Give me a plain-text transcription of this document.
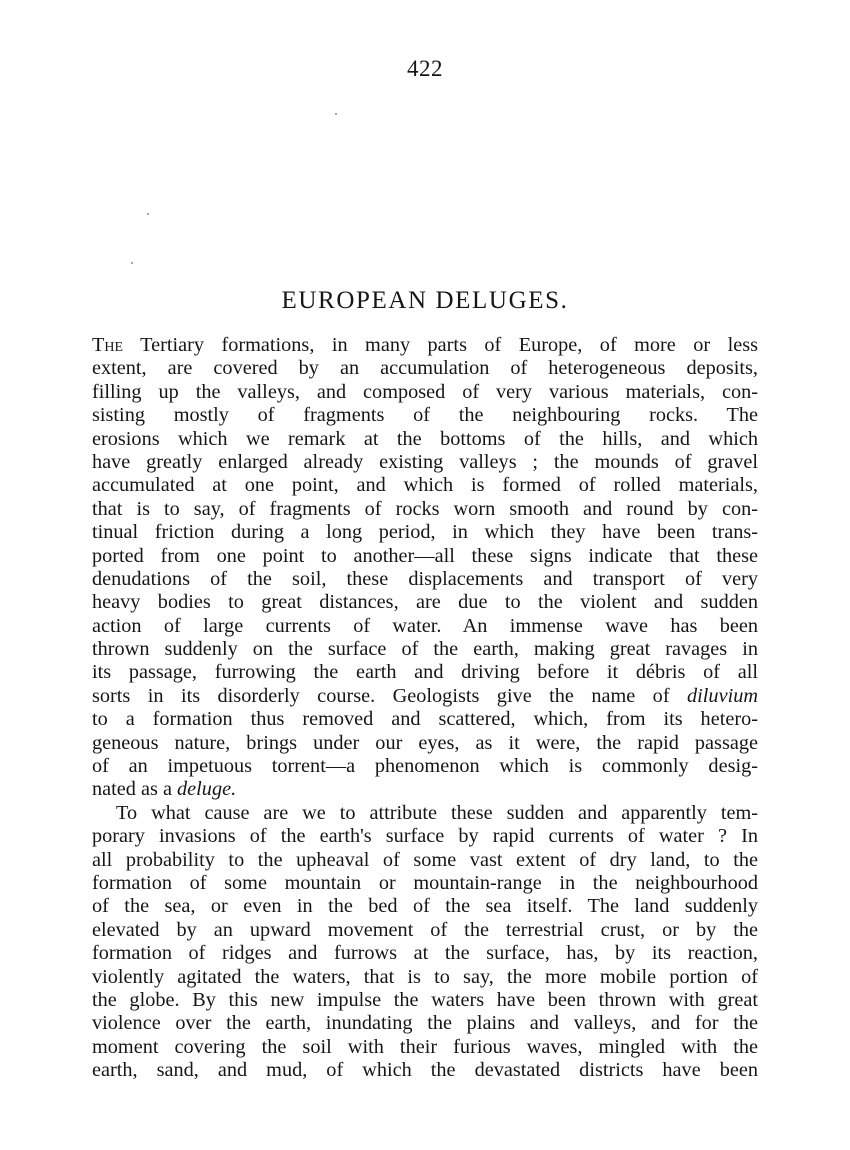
422
EUROPEAN DELUGES.
The Tertiary formations, in many parts of Europe, of more or less
extent, are covered by an accumulation of heterogeneous deposits,
filling up the valleys, and composed of very various materials, con-
sisting mostly of fragments of the neighbouring rocks. The
erosions which we remark at the bottoms of the hills, and which
have greatly enlarged already existing valleys ; the mounds of gravel
accumulated at one point, and which is formed of rolled materials,
that is to say, of fragments of rocks worn smooth and round by con-
tinual friction during a long period, in which they have been trans-
ported from one point to another—all these signs indicate that these
denudations of the soil, these displacements and transport of very
heavy bodies to great distances, are due to the violent and sudden
action of large currents of water. An immense wave has been
thrown suddenly on the surface of the earth, making great ravages in
its passage, furrowing the earth and driving before it débris of all
sorts in its disorderly course. Geologists give the name of diluvium
to a formation thus removed and scattered, which, from its hetero-
geneous nature, brings under our eyes, as it were, the rapid passage
of an impetuous torrent—a phenomenon which is commonly desig-
nated as a deluge.
To what cause are we to attribute these sudden and apparently tem-
porary invasions of the earth's surface by rapid currents of water ? In
all probability to the upheaval of some vast extent of dry land, to the
formation of some mountain or mountain-range in the neighbourhood
of the sea, or even in the bed of the sea itself. The land suddenly
elevated by an upward movement of the terrestrial crust, or by the
formation of ridges and furrows at the surface, has, by its reaction,
violently agitated the waters, that is to say, the more mobile portion of
the globe. By this new impulse the waters have been thrown with great
violence over the earth, inundating the plains and valleys, and for the
moment covering the soil with their furious waves, mingled with the
earth, sand, and mud, of which the devastated districts have been
